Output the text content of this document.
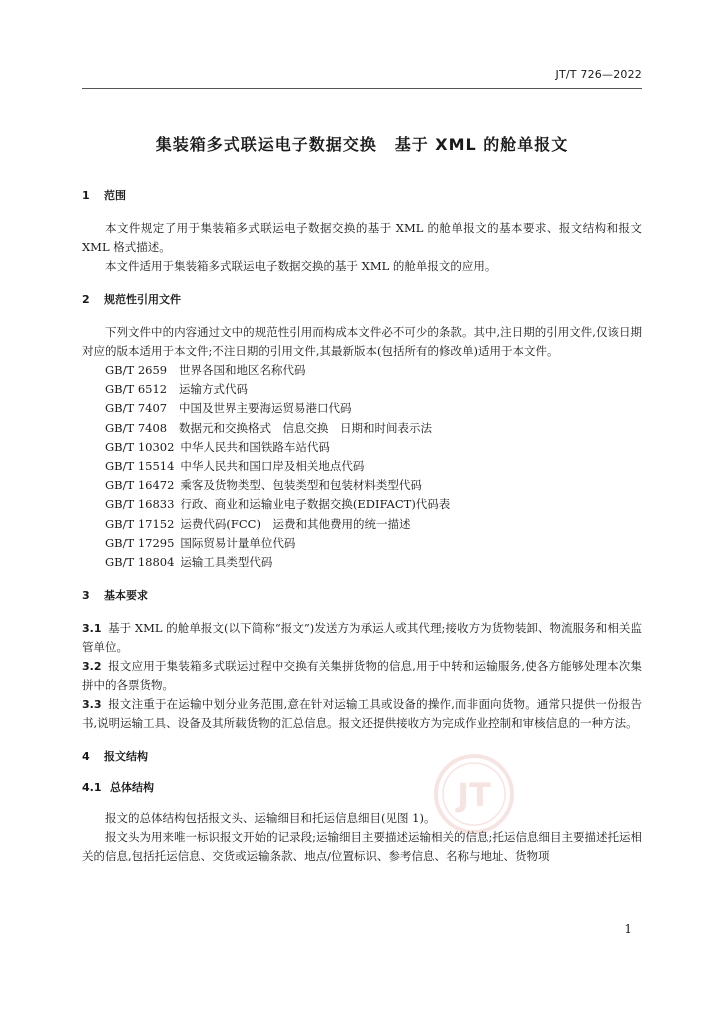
JT/T 726—2022
集装箱多式联运电子数据交换 基于 XML 的舱单报文

1 范围

本文件规定了用于集装箱多式联运电子数据交换的基于 XML 的舱单报文的基本要求、报文结构和报文 XML 格式描述。

本文件适用于集装箱多式联运电子数据交换的基于 XML 的舱单报文的应用。

2 规范性引用文件

下列文件中的内容通过文中的规范性引用而构成本文件必不可少的条款。其中,注日期的引用文件,仅该日期对应的版本适用于本文件;不注日期的引用文件,其最新版本(包括所有的修改单)适用于本文件。

GB/T 2659 世界各国和地区名称代码
GB/T 6512 运输方式代码
GB/T 7407 中国及世界主要海运贸易港口代码
GB/T 7408 数据元和交换格式　信息交换　日期和时间表示法
GB/T 10302 中华人民共和国铁路车站代码
GB/T 15514 中华人民共和国口岸及相关地点代码
GB/T 16472 乘客及货物类型、包装类型和包装材料类型代码
GB/T 16833 行政、商业和运输业电子数据交换(EDIFACT)代码表
GB/T 17152 运费代码(FCC)　运费和其他费用的统一描述
GB/T 17295 国际贸易计量单位代码
GB/T 18804 运输工具类型代码

3 基本要求

3.1 基于 XML 的舱单报文(以下简称“报文”)发送方为承运人或其代理;接收方为货物装卸、物流服务和相关监管单位。

3.2 报文应用于集装箱多式联运过程中交换有关集拼货物的信息,用于中转和运输服务,使各方能够处理本次集拼中的各票货物。

3.3 报文注重于在运输中划分业务范围,意在针对运输工具或设备的操作,而非面向货物。通常只提供一份报告书,说明运输工具、设备及其所载货物的汇总信息。报文还提供接收方为完成作业控制和审核信息的一种方法。

4 报文结构

4.1 总体结构

报文的总体结构包括报文头、运输细目和托运信息细目(见图 1)。

报文头为用来唯一标识报文开始的记录段;运输细目主要描述运输相关的信息;托运信息细目主要描述托运相关的信息,包括托运信息、交货或运输条款、地点/位置标识、参考信息、名称与地址、货物项

JT
1
